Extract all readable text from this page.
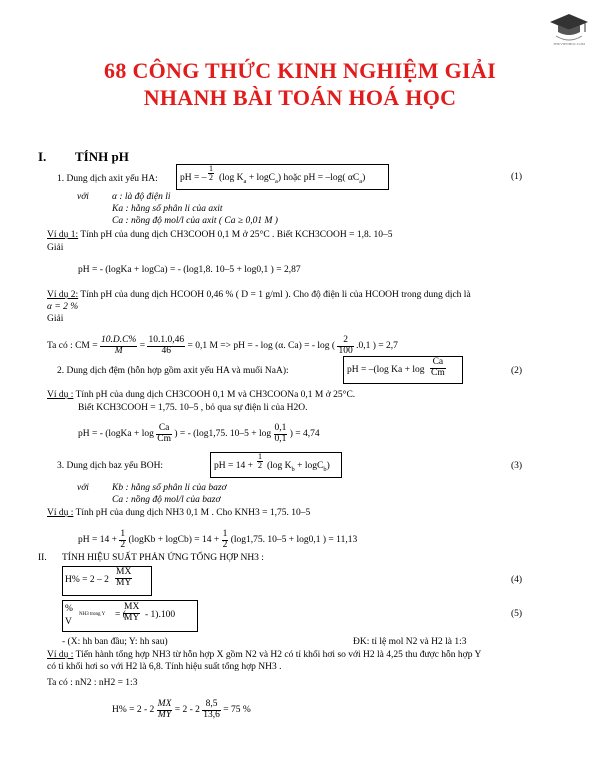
THUVIENHOC.COM
68 CÔNG THỨC KINH NGHIỆM GIẢI
NHANH BÀI TOÁN HOÁ HỌC
I. TÍNH pH
1. Dung dịch axit yếu HA: pH = – $\frac{1}{2} (\log$ $K_a + \log C_a$) hoặc pH = –log( $\alpha C_a$)	(1)
với α : là độ điện li
Ka : hằng số phân li của axit
Ca : nồng độ mol/l của axit ( Ca ≥ 0,01 M )
Ví dụ 1: Tính pH của dung dịch CH3COOH 0,1 M ở 25°C . Biết KCH3COOH = 1,8. 10–5
Giải
pH = - (logKa + logCa) = - (log1,8. 10–5 + log0,1 ) = 2,87
Ví dụ 2: Tính pH của dung dịch HCOOH 0,46 % ( D = 1 g/ml ). Cho độ điện li của HCOOH trong dung dịch là
α = 2 %
Giải
Ta có : CM = $\frac{10.D.C\%}{M} = \frac{10.1.0,46}{46} = 0,1$ M => pH = - log (α. Ca) = - log ( $\frac{2}{100} .0,1$ ) = 2,7
2. Dung dịch đệm (hỗn hợp gồm axit yếu HA và muối NaA):	pH = –(log $Ka + \log \frac{Ca}{Cm}$	(2)
Ví dụ : Tính pH của dung dịch CH3COOH 0,1 M và CH3COONa 0,1 M ở 25°C.
Biết KCH3COOH = 1,75. 10–5 , bỏ qua sự điện li của H2O.
pH = - (logKa + $\log \frac{Ca}{Cm}$ ) = - (log1,75. $10-5 + \log \frac{0,1}{0,1}$ ) = 4,74
3. Dung dịch baz yếu BOH:	pH = $14 + \frac{1}{2} (\log$ $K_b + \log C_b$)	(3)
với Kb : hằng số phân li của bazơ
Ca : nồng độ mol/l của bazơ
Ví dụ : Tính pH của dung dịch NH3 0,1 M . Cho KNH3 = 1,75. 10–5
pH = $14 + \frac{1}{2}$ (logKb + logCb) = $14 + \frac{1}{2} (\log 1,75$. 10–5 + log0,1 ) = 11,13
II. TÍNH HIỆU SUẤT PHẢN ỨNG TỔNG HỢP NH3 :
$H\% = 2 - 2 \frac{MX}{MY}$	(4)
%
V
NH3 trong Y = (
$\frac{MX}{MY} - 1).100$	(5)
- (X: hh ban đầu; Y: hh sau)	ĐK: tỉ lệ mol N2 và H2 là 1:3
Ví dụ : Tiến hành tổng hợp NH3 từ hỗn hợp X gồm N2 và H2 có tỉ khối hơi so với H2 là 4,25 thu được hỗn hợp Y
có tỉ khối hơi so với H2 là 6,8. Tính hiệu suất tổng hợp NH3 .
Ta có : nN2 : nH2 = 1:3
$H\% = 2 - 2 \frac{MX}{MY} = 2 - 2 \frac{8,5}{13,6} = 75$ %
